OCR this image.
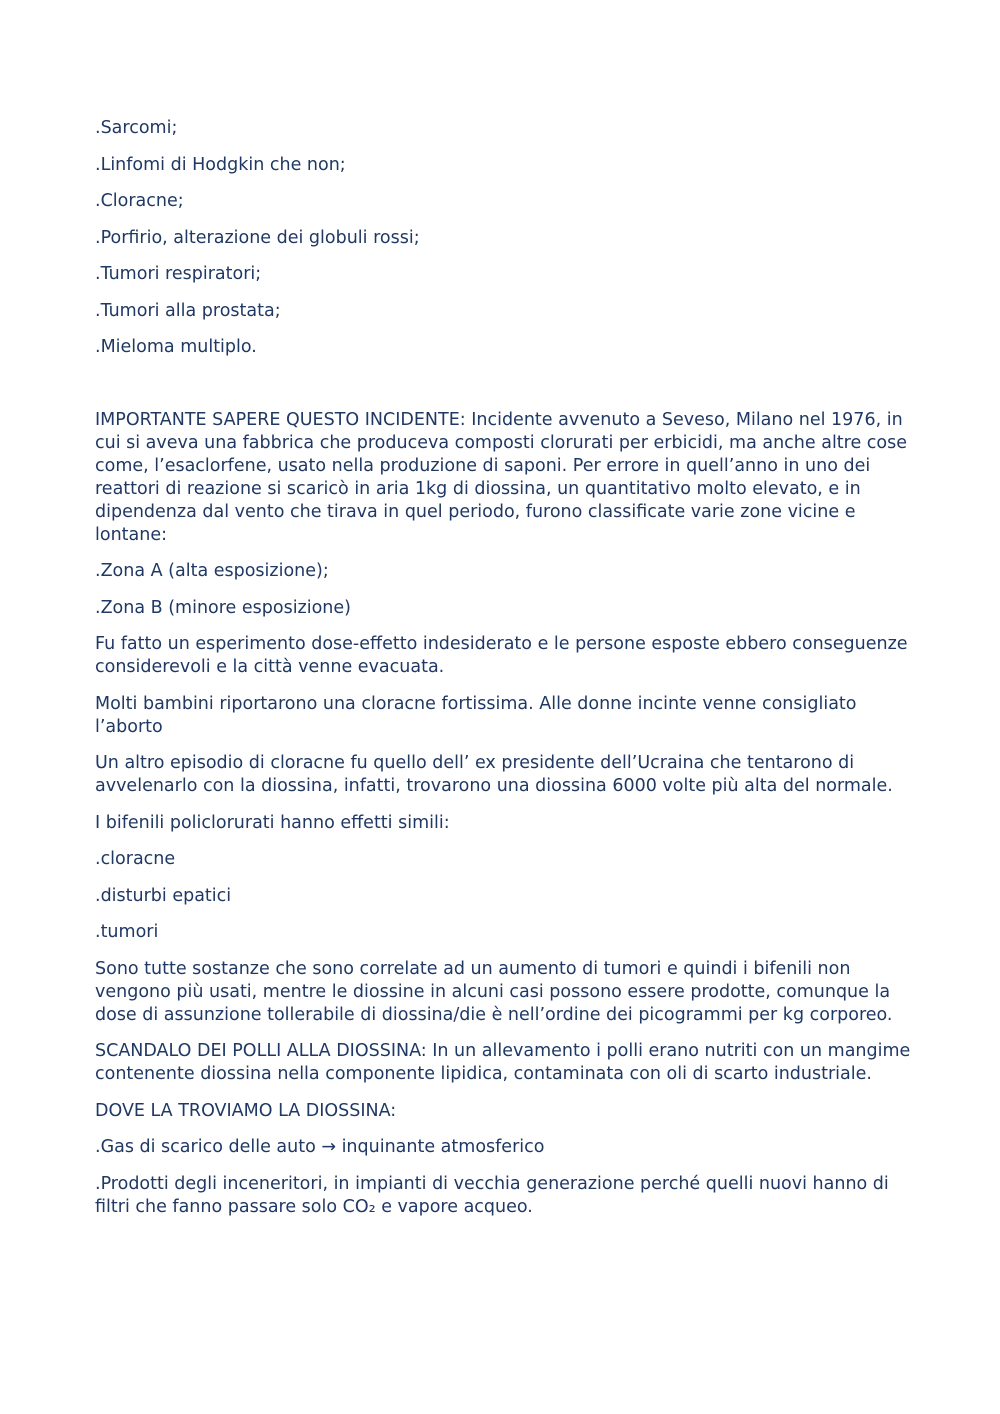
.Sarcomi;

.Linfomi di Hodgkin che non;

.Cloracne;

.Porfirio, alterazione dei globuli rossi;

.Tumori respiratori;

.Tumori alla prostata;

.Mieloma multiplo.

IMPORTANTE SAPERE QUESTO INCIDENTE: Incidente avvenuto a Seveso, Milano nel 1976, in cui si aveva una fabbrica che produceva composti clorurati per erbicidi, ma anche altre cose come, l’esaclorfene, usato nella produzione di saponi. Per errore in quell’anno in uno dei reattori di reazione si scaricò in aria 1kg di diossina, un quantitativo molto elevato, e in dipendenza dal vento che tirava in quel periodo, furono classificate varie zone vicine e lontane:

.Zona A (alta esposizione);

.Zona B (minore esposizione)

Fu fatto un esperimento dose-effetto indesiderato e le persone esposte ebbero conseguenze considerevoli e la città venne evacuata.

Molti bambini riportarono una cloracne fortissima. Alle donne incinte venne consigliato l’aborto

Un altro episodio di cloracne fu quello dell’ ex presidente dell’Ucraina che tentarono di avvelenarlo con la diossina, infatti, trovarono una diossina 6000 volte più alta del normale.

I bifenili policlorurati hanno effetti simili:

.cloracne

.disturbi epatici

.tumori

Sono tutte sostanze che sono correlate ad un aumento di tumori e quindi i bifenili non vengono più usati, mentre le diossine in alcuni casi possono essere prodotte, comunque la dose di assunzione tollerabile di diossina/die è nell’ordine dei picogrammi per kg corporeo.

SCANDALO DEI POLLI ALLA DIOSSINA: In un allevamento i polli erano nutriti con un mangime contenente diossina nella componente lipidica, contaminata con oli di scarto industriale.

DOVE LA TROVIAMO LA DIOSSINA:

.Gas di scarico delle auto → inquinante atmosferico

.Prodotti degli inceneritori, in impianti di vecchia generazione perché quelli nuovi hanno di filtri che fanno passare solo CO₂ e vapore acqueo.
